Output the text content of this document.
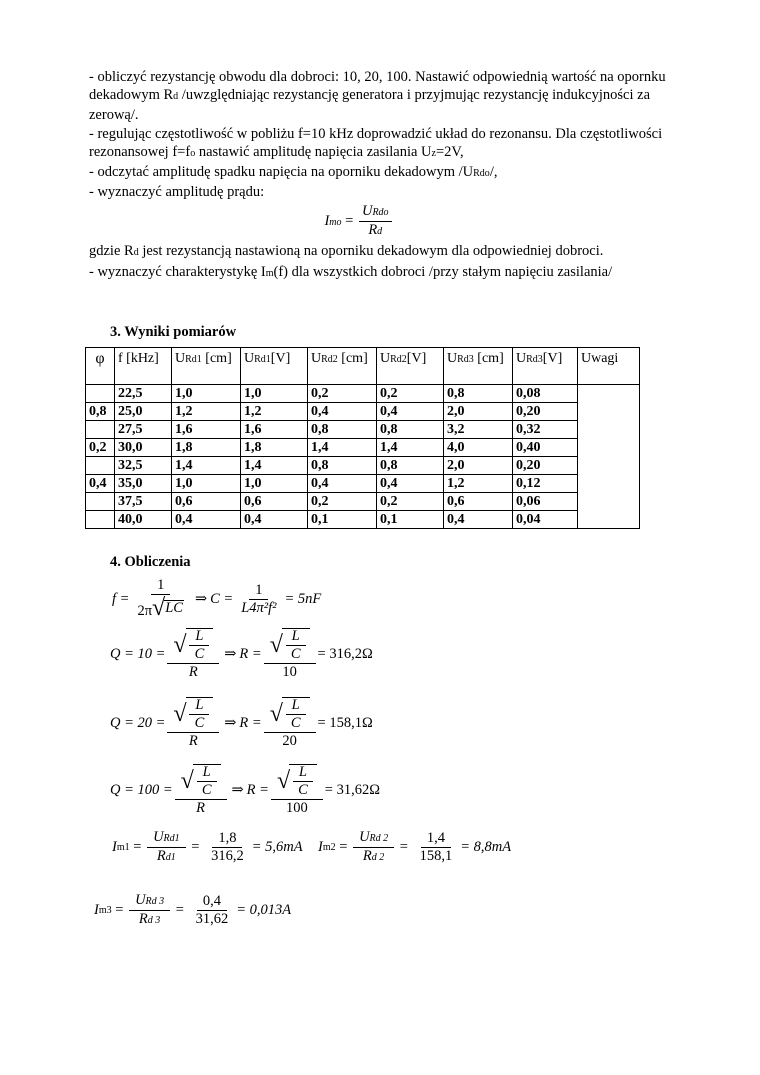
- obliczyć rezystancję obwodu dla dobroci: 10, 20, 100. Nastawić odpowiednią wartość na opornku dekadowym Rd /uwzględniając rezystancję generatora i przyjmując rezystancję indukcyjności za zerową/.

- regulując częstotliwość w pobliżu f=10 kHz doprowadzić układ do rezonansu. Dla częstotliwości rezonansowej f=fo nastawić amplitudę napięcia zasilania Uz=2V,

- odczytać amplitudę spadku napięcia na oporniku dekadowym /URdo/,

- wyznaczyć amplitudę prądu:

Imo = $\frac{\text{URdo}}{Rd}$

gdzie Rd jest rezystancją nastawioną na oporniku dekadowym dla odpowiedniej dobroci.

- wyznaczyć charakterystykę Im(f) dla wszystkich dobroci /przy stałym napięciu zasilania/

3. Wyniki pomiarów
φ	f [kHz]	URd1 [cm]	URd1[V]	URd2 [cm]	URd2[V]	URd3 [cm]	URd3[V]	Uwagi
	22,5	1,0	1,0	0,2	0,2	0,8	0,08	
0,8	25,0	1,2	1,2	0,4	0,4	2,0	0,20	
	27,5	1,6	1,6	0,8	0,8	3,2	0,32	
0,2	30,0	1,8	1,8	1,4	1,4	4,0	0,40	
	32,5	1,4	1,4	0,8	0,8	2,0	0,20	
0,4	35,0	1,0	1,0	0,4	0,4	1,2	0,12	
	37,5	0,6	0,6	0,2	0,2	0,6	0,06	
	40,0	0,4	0,4	0,1	0,1	0,4	0,04	
4. Obliczenia
$f = \frac{1}{2\pi √ LC}$ ⇒ $C = \frac{1}{\text{L4π²f²}} = 5nF$
$Q = 10 = \frac{√ \frac{L}{C}}{R}$ ⇒ $R = \frac{√ \frac{L}{C}}{10} = 316,2\Omega$
$Q = 20 = \frac{√ \frac{L}{C}}{R}$ ⇒ $R = \frac{√ \frac{L}{C}}{20} = 158,1\Omega$
$Q = 100 = \frac{√ \frac{L}{C}}{R}$ ⇒ $R = \frac{√ \frac{L}{C}}{100} = 31,62\Omega$
I $m1 = \frac{\text{URd1}}{Rd1} = \frac{1,8}{316,2} = 5,6mA$ I $m2 = \frac{\text{URd 2}}{Rd 2} = \frac{1,4}{158,1} = 8,8mA$
I $m3 = \frac{\text{URd 3}}{Rd 3} = \frac{0,4}{31,62} = 0,013A$
